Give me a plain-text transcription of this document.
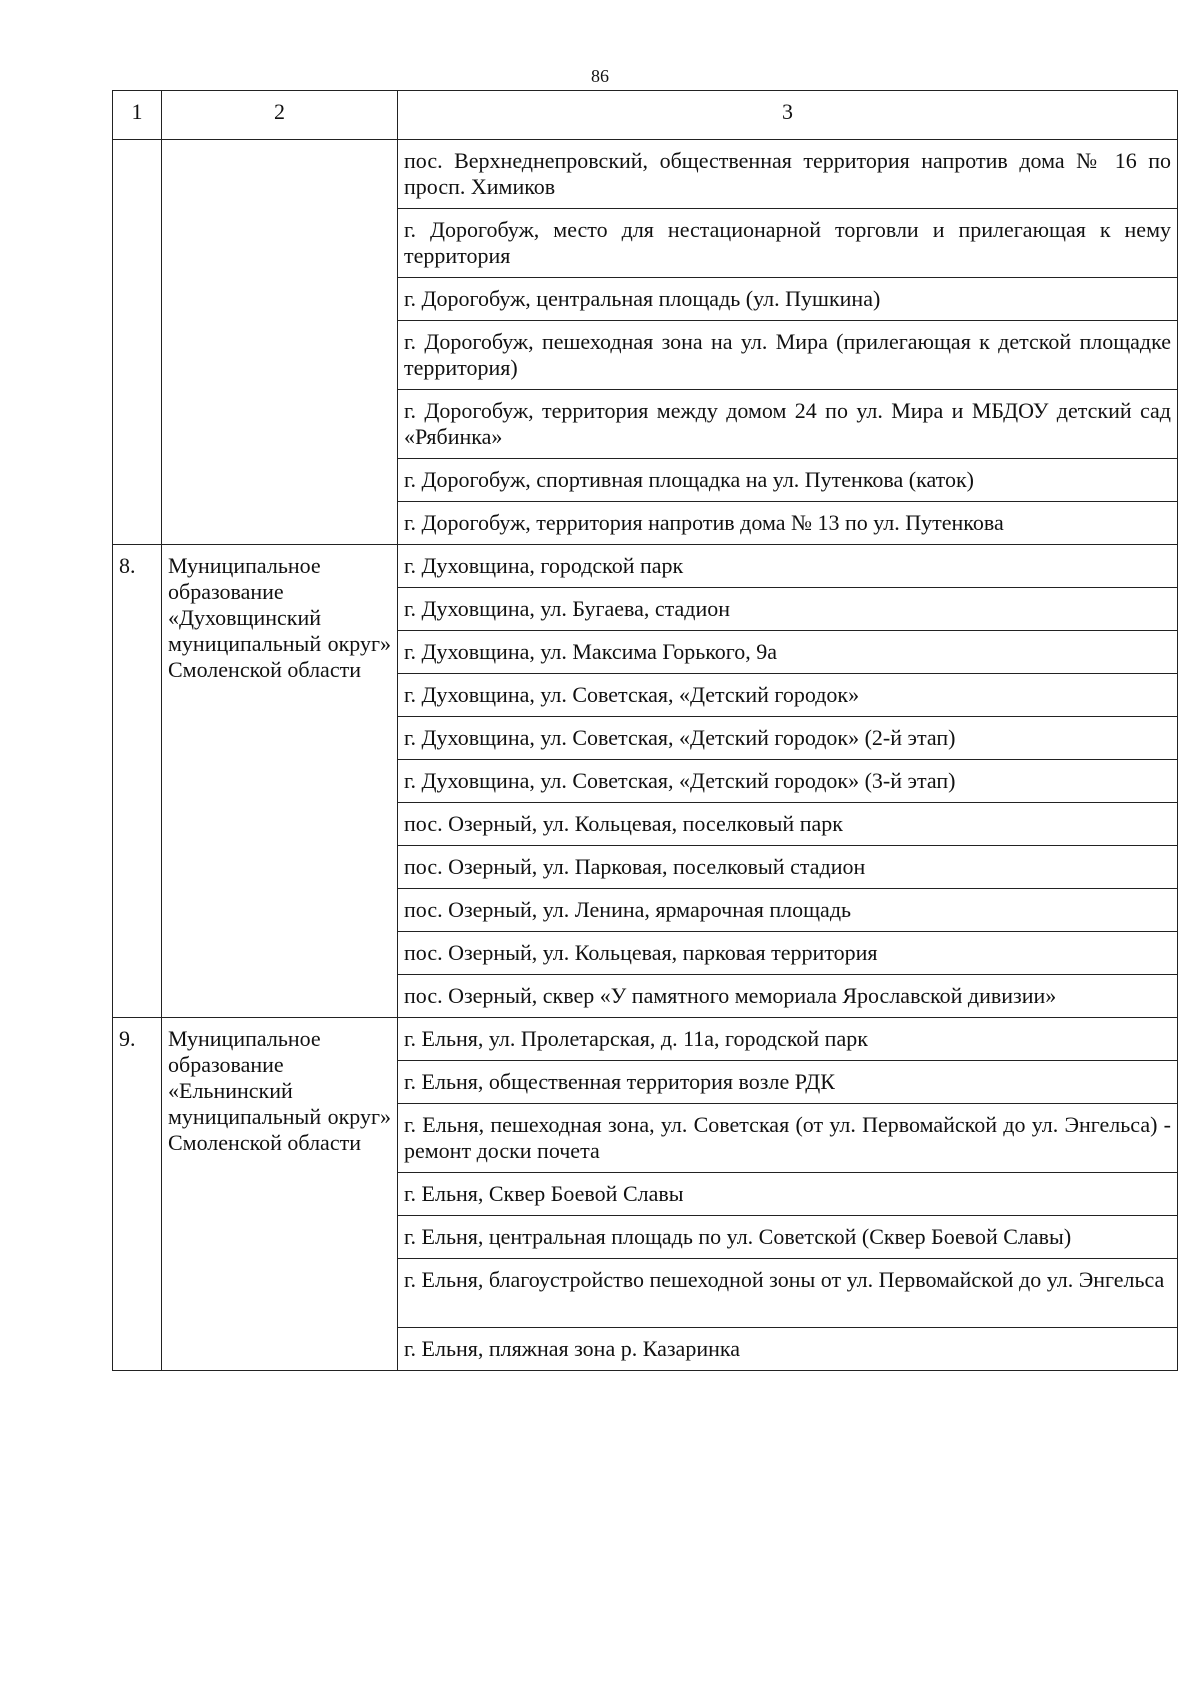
86
1	2	3
		пос. Верхнеднепровский, общественная территория напротив дома № 16 по просп. Химиков
		г. Дорогобуж, место для нестационарной торговли и прилегающая к нему территория
		г. Дорогобуж, центральная площадь (ул. Пушкина)
		г. Дорогобуж, пешеходная зона на ул. Мира (прилегающая к детской площадке территория)
		г. Дорогобуж, территория между домом 24 по ул. Мира и МБДОУ детский сад «Рябинка»
		г. Дорогобуж, спортивная площадка на ул. Путенкова (каток)
		г. Дорогобуж, территория напротив дома № 13 по ул. Путенкова
8.	Муниципальное образование «Духовщинский муниципальный округ» Смоленской области	г. Духовщина, городской парк
		г. Духовщина, ул. Бугаева, стадион
		г. Духовщина, ул. Максима Горького, 9а
		г. Духовщина, ул. Советская, «Детский городок»
		г. Духовщина, ул. Советская, «Детский городок» (2-й этап)
		г. Духовщина, ул. Советская, «Детский городок» (3-й этап)
		пос. Озерный, ул. Кольцевая, поселковый парк
		пос. Озерный, ул. Парковая, поселковый стадион
		пос. Озерный, ул. Ленина, ярмарочная площадь
		пос. Озерный, ул. Кольцевая, парковая территория
		пос. Озерный, сквер «У памятного мемориала Ярославской дивизии»
9.	Муниципальное образование «Ельнинский муниципальный округ» Смоленской области	г. Ельня, ул. Пролетарская, д. 11а, городской парк
		г. Ельня, общественная территория возле РДК
		г. Ельня, пешеходная зона, ул. Советская (от ул. Первомайской до ул. Энгельса) - ремонт доски почета
		г. Ельня, Сквер Боевой Славы
		г. Ельня, центральная площадь по ул. Советской (Сквер Боевой Славы)
		г. Ельня, благоустройство пешеходной зоны от ул. Первомайской до ул. Энгельса
		г. Ельня, пляжная зона р. Казаринка
